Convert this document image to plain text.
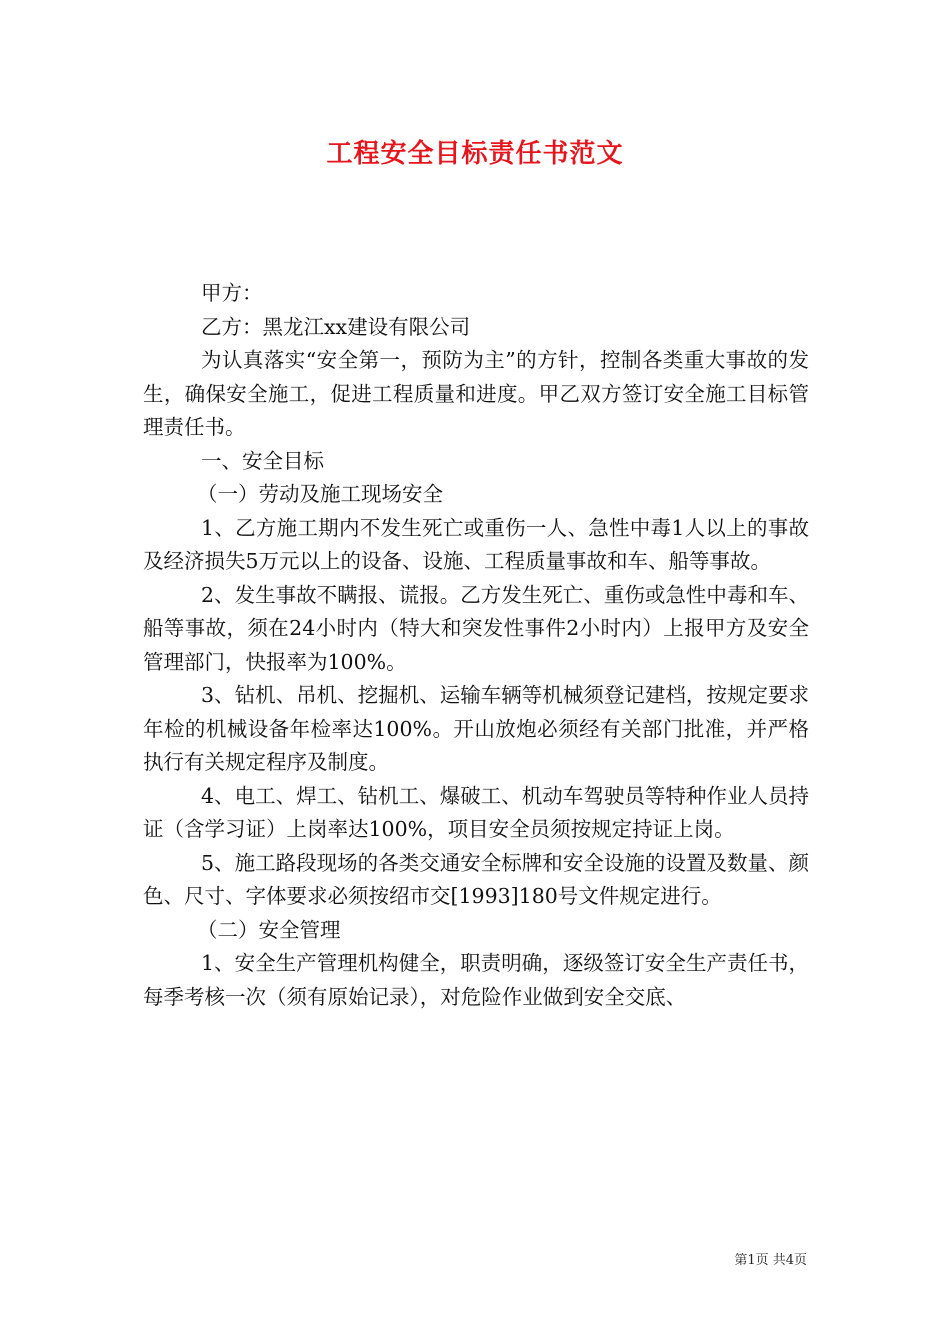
工程安全目标责任书范文

甲方：

乙方：黑龙江xx建设有限公司

为认真落实“安全第一，预防为主”的方针，控制各类重大事故的发生，确保安全施工，促进工程质量和进度。甲乙双方签订安全施工目标管理责任书。

一、安全目标

（一）劳动及施工现场安全

1、乙方施工期内不发生死亡或重伤一人、急性中毒1人以上的事故及经济损失5万元以上的设备、设施、工程质量事故和车、船等事故。

2、发生事故不瞒报、谎报。乙方发生死亡、重伤或急性中毒和车、船等事故，须在24小时内（特大和突发性事件2小时内）上报甲方及安全管理部门，快报率为100%。

3、钻机、吊机、挖掘机、运输车辆等机械须登记建档，按规定要求年检的机械设备年检率达100%。开山放炮必须经有关部门批准，并严格执行有关规定程序及制度。

4、电工、焊工、钻机工、爆破工、机动车驾驶员等特种作业人员持证（含学习证）上岗率达100%，项目安全员须按规定持证上岗。

5、施工路段现场的各类交通安全标牌和安全设施的设置及数量、颜色、尺寸、字体要求必须按绍市交[1993]180号文件规定进行。

（二）安全管理

1、安全生产管理机构健全，职责明确，逐级签订安全生产责任书，每季考核一次（须有原始记录），对危险作业做到安全交底、

第1页 共4页
